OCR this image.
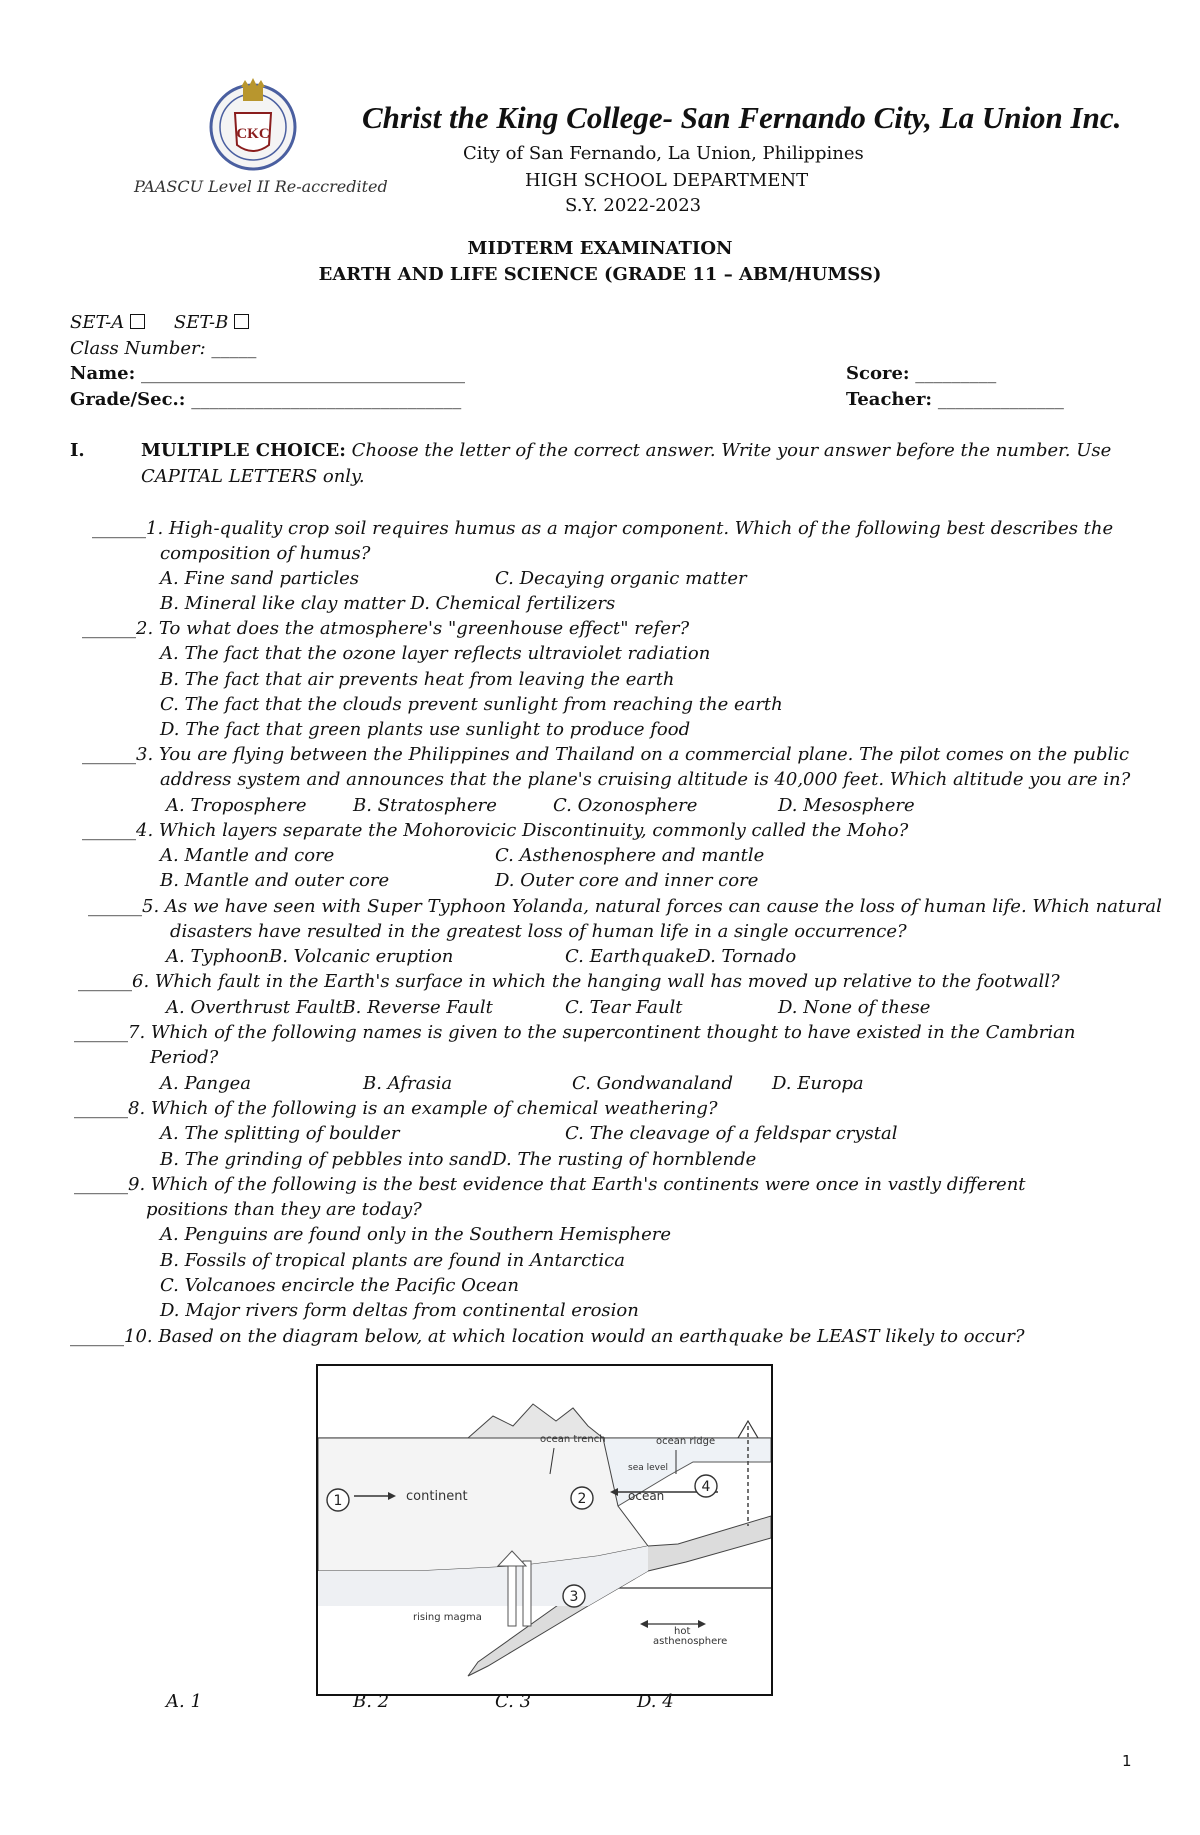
CKC	Christ the King College- San Fernando City, La Union Inc.
City of San Fernando, La Union, Philippines
PAASCU Level II Re-accredited	HIGH SCHOOL DEPARTMENT
S.Y. 2022-2023
MIDTERM EXAMINATION
EARTH AND LIFE SCIENCE (GRADE 11 – ABM/HUMSS)
SET-A	SET-B
Class Number: _____
Name: ____________________________________
Grade/Sec.: ______________________________
Score: _________
Teacher: ______________
I.	MULTIPLE CHOICE: Choose the letter of the correct answer. Write your answer before the number. Use
CAPITAL LETTERS only.
______1. High-quality crop soil requires humus as a major component. Which of the following best describes the
composition of humus?
A. Fine sand particles	C. Decaying organic matter
B. Mineral like clay matter D. Chemical fertilizers
______2. To what does the atmosphere's "greenhouse effect" refer?
A. The fact that the ozone layer reflects ultraviolet radiation
B. The fact that air prevents heat from leaving the earth
C. The fact that the clouds prevent sunlight from reaching the earth
D. The fact that green plants use sunlight to produce food
______3. You are flying between the Philippines and Thailand on a commercial plane. The pilot comes on the public
address system and announces that the plane's cruising altitude is 40,000 feet. Which altitude you are in?
A. Troposphere	B. Stratosphere	C. Ozonosphere	D. Mesosphere
______4. Which layers separate the Mohorovicic Discontinuity, commonly called the Moho?
A. Mantle and core	C. Asthenosphere and mantle
B. Mantle and outer core	D. Outer core and inner core
______5. As we have seen with Super Typhoon Yolanda, natural forces can cause the loss of human life. Which natural
disasters have resulted in the greatest loss of human life in a single occurrence?
A. TyphoonB. Volcanic eruption	C. EarthquakeD. Tornado
______6. Which fault in the Earth's surface in which the hanging wall has moved up relative to the footwall?
A. Overthrust FaultB. Reverse Fault	C. Tear Fault	D. None of these
______7. Which of the following names is given to the supercontinent thought to have existed in the Cambrian
Period?
A. Pangea	B. Afrasia	C. Gondwanaland D. Europa
______8. Which of the following is an example of chemical weathering?
A. The splitting of boulder	C. The cleavage of a feldspar crystal
B. The grinding of pebbles into sandD. The rusting of hornblende
______9. Which of the following is the best evidence that Earth's continents were once in vastly different
positions than they are today?
A. Penguins are found only in the Southern Hemisphere
B. Fossils of tropical plants are found in Antarctica
C. Volcanoes encircle the Pacific Ocean
D. Major rivers form deltas from continental erosion
______10. Based on the diagram below, at which location would an earthquake be LEAST likely to occur?
ocean trench	ocean ridge
sea level
continent	ocean
rising magma
hot
asthenosphere
1	2
3
4
A. 1	B. 2	C. 3	D. 4
1
